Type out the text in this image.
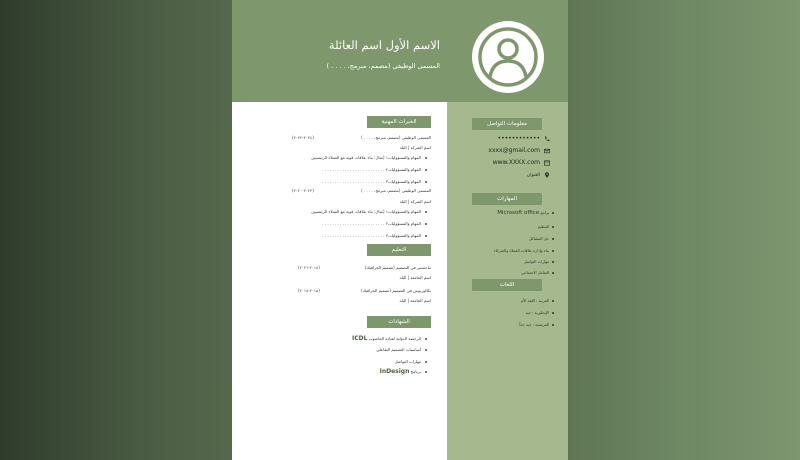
الاسم الأول اسم العائلة
المسمى الوظيفي (مصمم، مبرمج، . . . . )
معلومات التواصل
••••••••••••
xxxx@gmail.com
www.XXXX.com
العنوان
المهارات
برامج Microsoft office
التنظيم
حل المشاكل
بناء وإدارة علاقات العملاء والشركاء
مهارات التواصل
التعامل الاجتماعي
اللغات
العربية : اللغة الأم
الإنجليزية : جيد
الفرنسية : جيد جداً
الخبرات المهنية
المسمى الوظيفي (مصمم، مبرمج، . . . . )
(٢٠٢٤-٢٠٢٢)
اسم الشركة | البلد
المهام والمسؤوليات١ (مثال: بناء علاقات قوية مع العملاء الرئيسيين
المهام والمسؤوليات٢ . . . . . . . . . . . . . . . . . . . . . . . . .
المهام والمسؤوليات٣ . . . . . . . . . . . . . . . . . . . . . . . . .
المسمى الوظيفي (مصمم، مبرمج، . . . . )
(٢٠٢٢-٢٠٢٠)
اسم الشركة | البلد
المهام والمسؤوليات١ (مثال: بناء علاقات قوية مع العملاء الرئيسيين
المهام والمسؤوليات٢ . . . . . . . . . . . . . . . . . . . . . . . . .
المهام والمسؤوليات٣ . . . . . . . . . . . . . . . . . . . . . . . . .
التعليم
ماجستير في التصميم (تصميم الجرافيك)
(٢٠١٨-٢٠٢١)
اسم الجامعة | البلد
بكالوريوس في التصميم (تصميم الجرافيك)
(٢٠١٥-٢٠١٨)
اسم الجامعة | البلد
الشهادات
الرخصة الدولية لقيادة الحاسوب ICDL
أساسيات التصميم التفاعلي
مهارات التواصل
برنامج InDesign
خمسات
